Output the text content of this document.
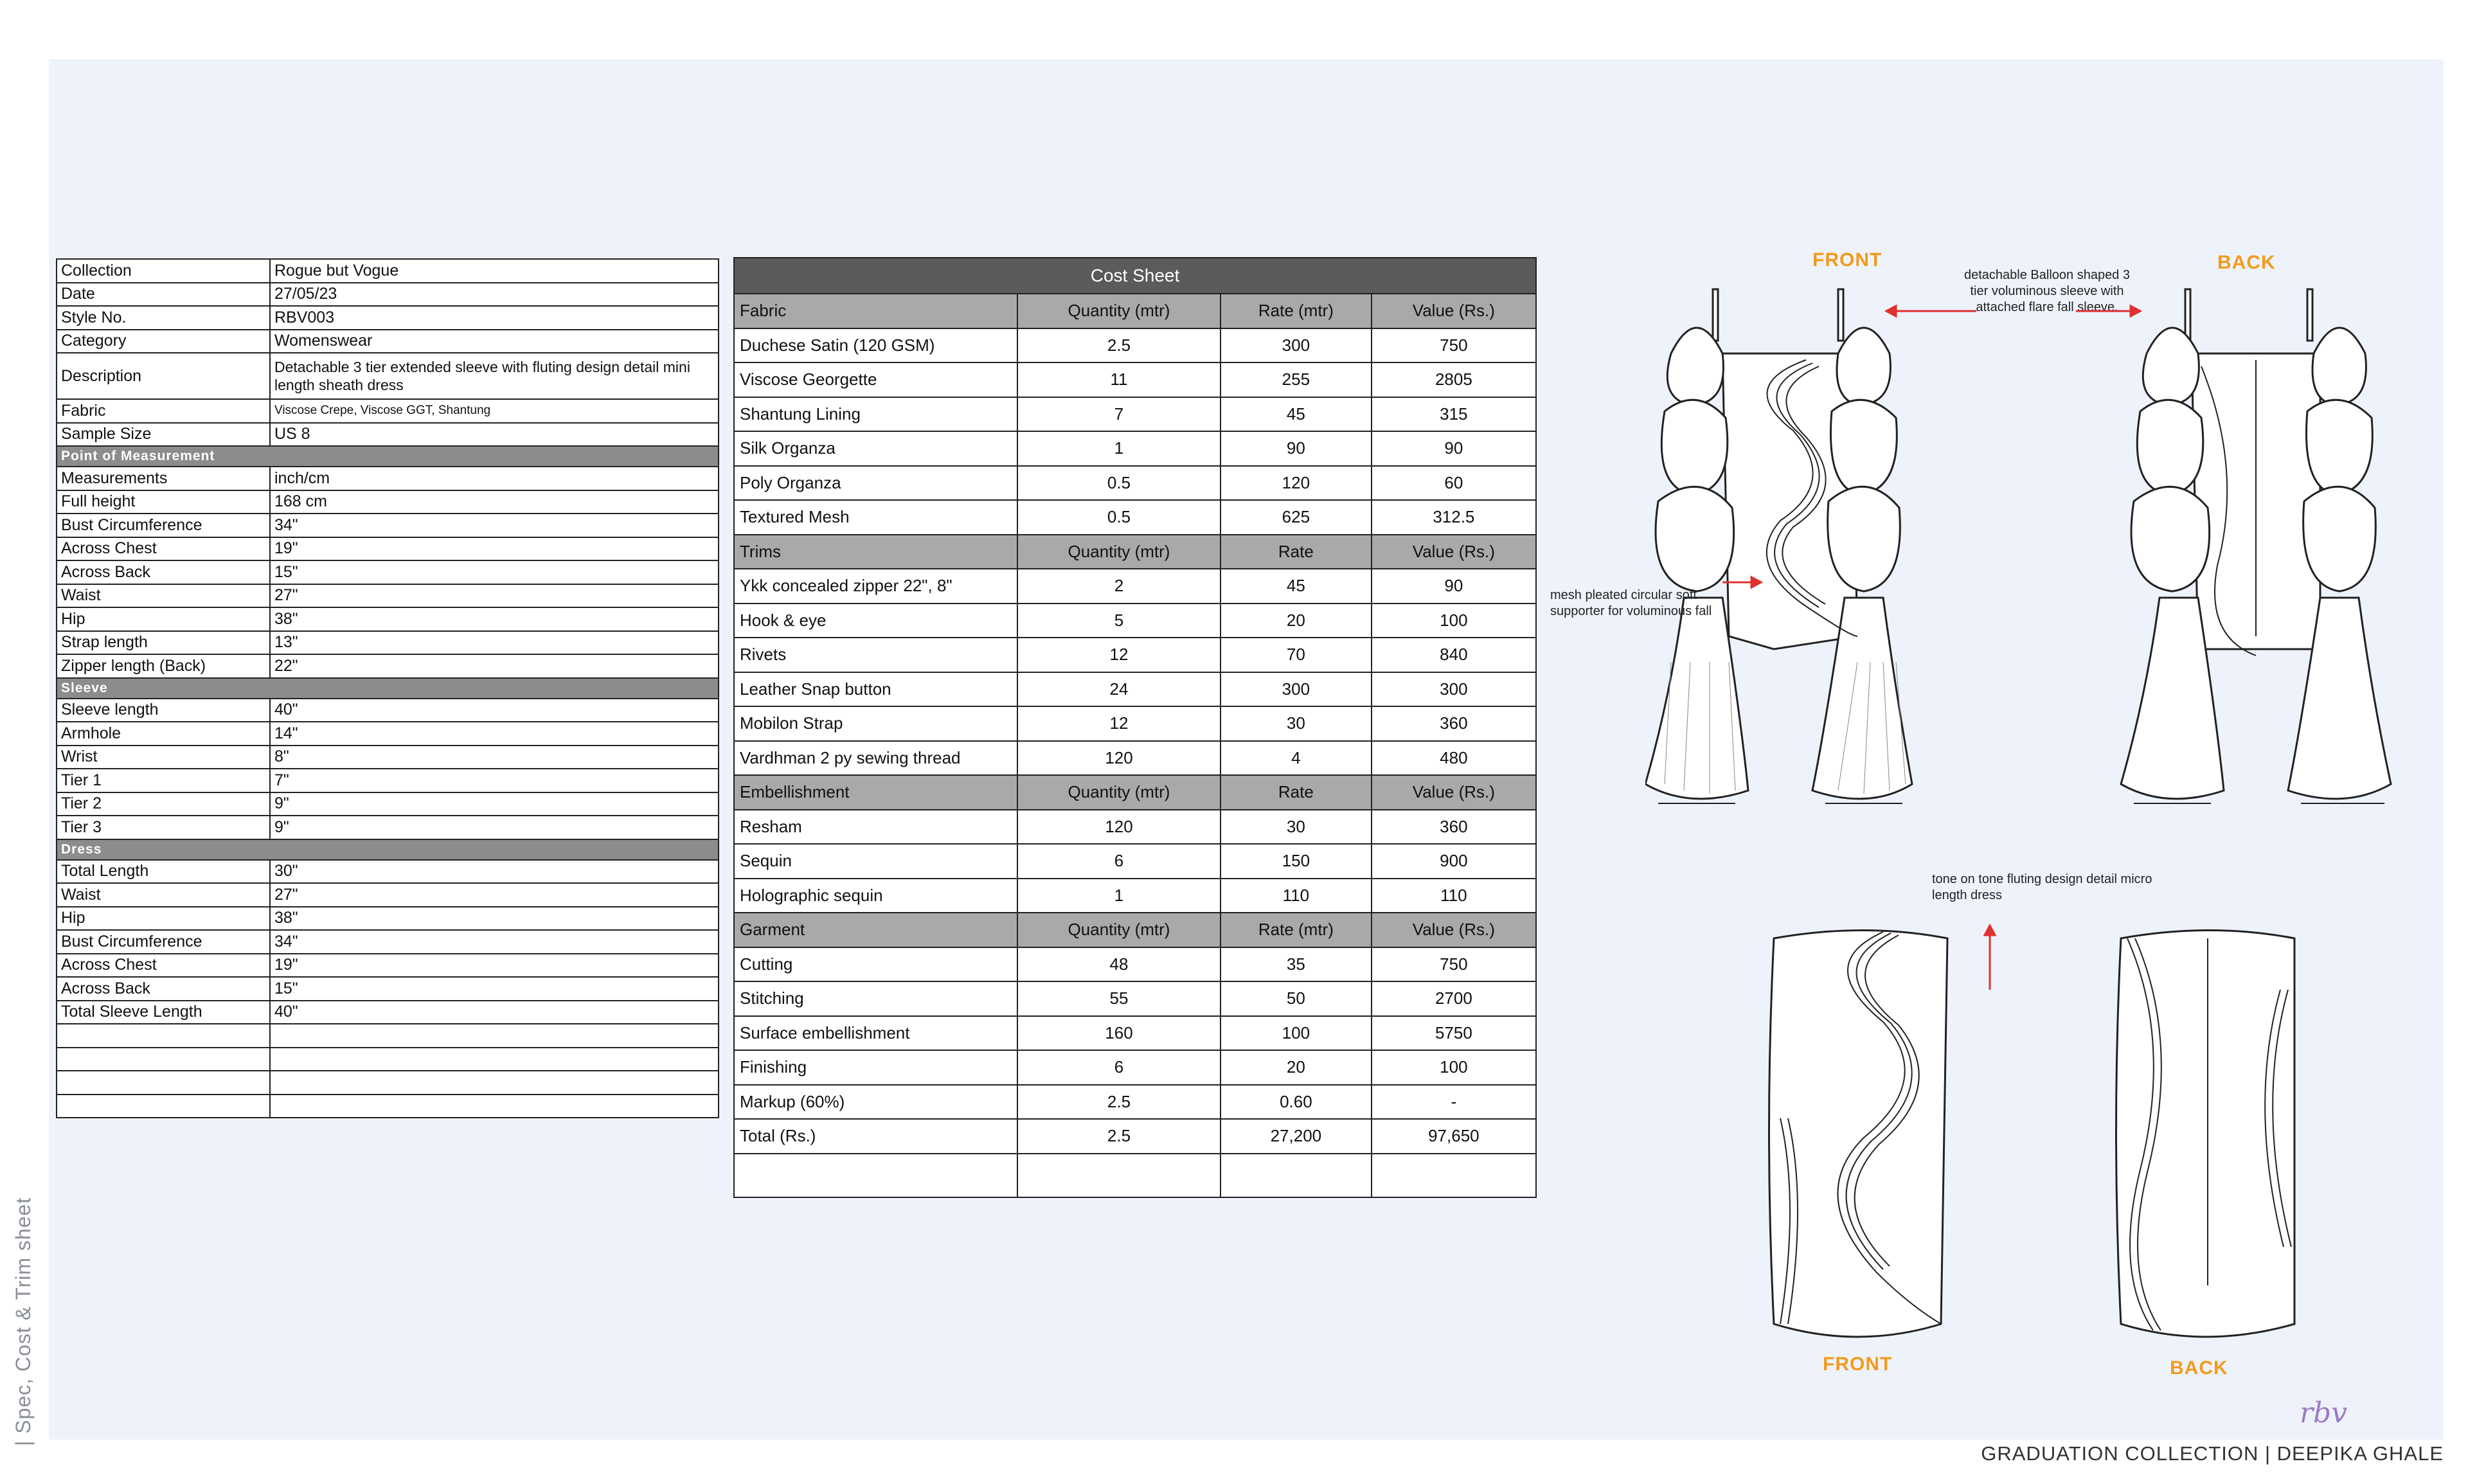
Collection	Rogue but Vogue
Date	27/05/23
Style No.	RBV003
Category	Womenswear
Description	Detachable 3 tier extended sleeve with fluting design detail mini length sheath dress
Fabric	Viscose Crepe, Viscose GGT, Shantung
Sample Size	US 8
Point of Measurement	
Measurements	inch/cm
Full height	168 cm
Bust Circumference	34"
Across Chest	19"
Across Back	15"
Waist	27"
Hip	38"
Strap length	13"
Zipper length (Back)	22"
Sleeve	
Sleeve length	40"
Armhole	14"
Wrist	8"
Tier 1	7"
Tier 2	9"
Tier 3	9"
Dress	
Total Length	30"
Waist	27"
Hip	38"
Bust Circumference	34"
Across Chest	19"
Across Back	15"
Total Sleeve Length	40"

Cost Sheet			
Fabric	Quantity (mtr)	Rate (mtr)	Value (Rs.)
Duchese Satin (120 GSM)	2.5	300	750
Viscose Georgette	11	255	2805
Shantung Lining	7	45	315
Silk Organza	1	90	90
Poly Organza	0.5	120	60
Textured Mesh	0.5	625	312.5
Trims	Quantity (mtr)	Rate	Value (Rs.)
Ykk concealed zipper 22", 8"	2	45	90
Hook & eye	5	20	100
Rivets	12	70	840
Leather Snap button	24	300	300
Mobilon Strap	12	30	360
Vardhman 2 py sewing thread	120	4	480
Embellishment	Quantity (mtr)	Rate	Value (Rs.)
Resham	120	30	360
Sequin	6	150	900
Holographic sequin	1	110	110
Garment	Quantity (mtr)	Rate (mtr)	Value (Rs.)
Cutting	48	35	750
Stitching	55	50	2700
Surface embellishment	160	100	5750
Finishing	6	20	100
Markup (60%)	2.5	0.60	-
Total (Rs.)	2.5	27,200	97,650

FRONT	BACK
FRONT	BACK
detachable Balloon shaped 3 tier voluminous sleeve with attached flare fall sleeve.
mesh pleated circular soft supporter for voluminous fall
tone on tone fluting design detail micro length dress
| Spec, Cost & Trim sheet
GRADUATION COLLECTION | DEEPIKA GHALE
rbv
